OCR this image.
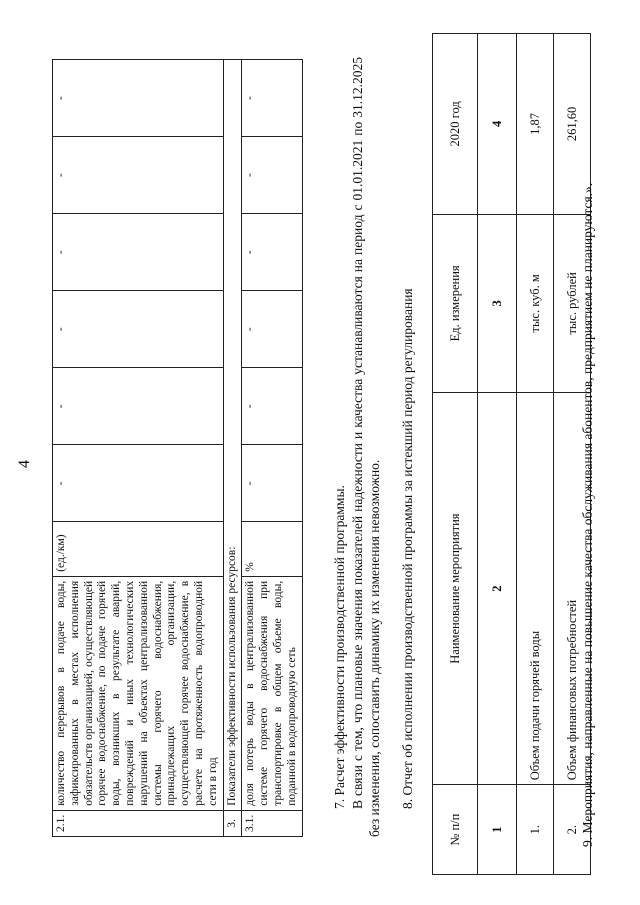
4
2.1.	количество перерывов в подаче воды, зафиксированных в местах исполнения обязательств организацией, осуществляющей горячее водоснабжение, по подаче горячей воды, возникших в результате аварий, повреждений и иных технологических нарушений на объектах централизованной системы горячего водоснабжения, принадлежащих организации, осуществляющей горячее водоснабжение, в расчете на протяженность водопроводной сети в год	(ед./км)	-	-	-	-	-	-
3.	Показатели эффективности использования ресурсов:							
3.1.	доля потерь воды в централизованной системе горячего водоснабжения при транспортировке в общем объеме воды, поданной в водопроводную сеть	%	-	-	-	-	-	-
7. Расчет эффективности производственной программы. В связи с тем, что плановые значения показателей надежности и качества устанавливаются на период с 01.01.2021 по 31.12.2025 без изменения, сопоставить динамику их изменения невозможно. 8. Отчет об исполнении производственной программы за истекший период регулирования
№ п/п	Наименование мероприятия	Ед. измерения	2020 год
1	2	3	4
1.	Объем подачи горячей воды	тыс. куб. м	1,87
2.	Объем финансовых потребностей	тыс. рублей	261,60
9. Мероприятия, направленные на повышение качества обслуживания абонентов, предприятием не планируются.».
